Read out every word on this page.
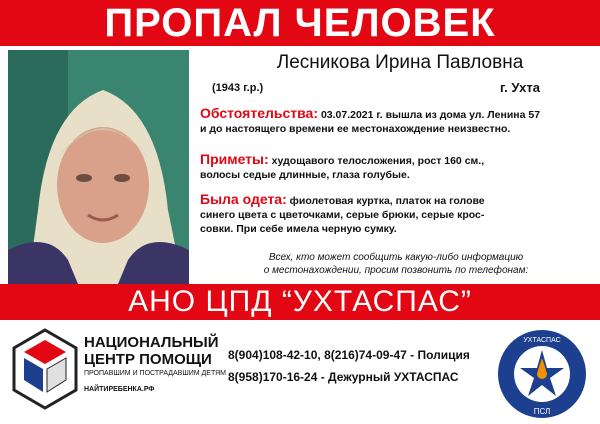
ПРОПАЛ ЧЕЛОВЕК
Лесникова Ирина Павловна
(1943 г.р.)	г. Ухта
Обстоятельства: 03.07.2021 г. вышла из дома ул. Ленина 57
и до настоящего времени ее местонахождение неизвестно.
Приметы: худощавого телосложения, рост 160 см.,
волосы седые длинные, глаза голубые.
Была одета: фиолетовая куртка, платок на голове
синего цвета с цветочками, серые брюки, серые крос-
совки. При себе имела черную сумку.
Всех, кто может сообщить какую-либо информацию
о местонахождении, просим позвонить по телефонам:
АНО ЦПД “УХТАСПАС”
НАЦИОНАЛЬНЫЙ
ЦЕНТР ПОМОЩИ
ПРОПАВШИМ И ПОСТРАДАВШИМ ДЕТЯМ
НАЙТИРЕБЕНКА.РФ
8(904)108-42-10, 8(216)74-09-47 - Полиция
8(958)170-16-24 - Дежурный УХТАСПАС
УХТАСПАС
ПСЛ
